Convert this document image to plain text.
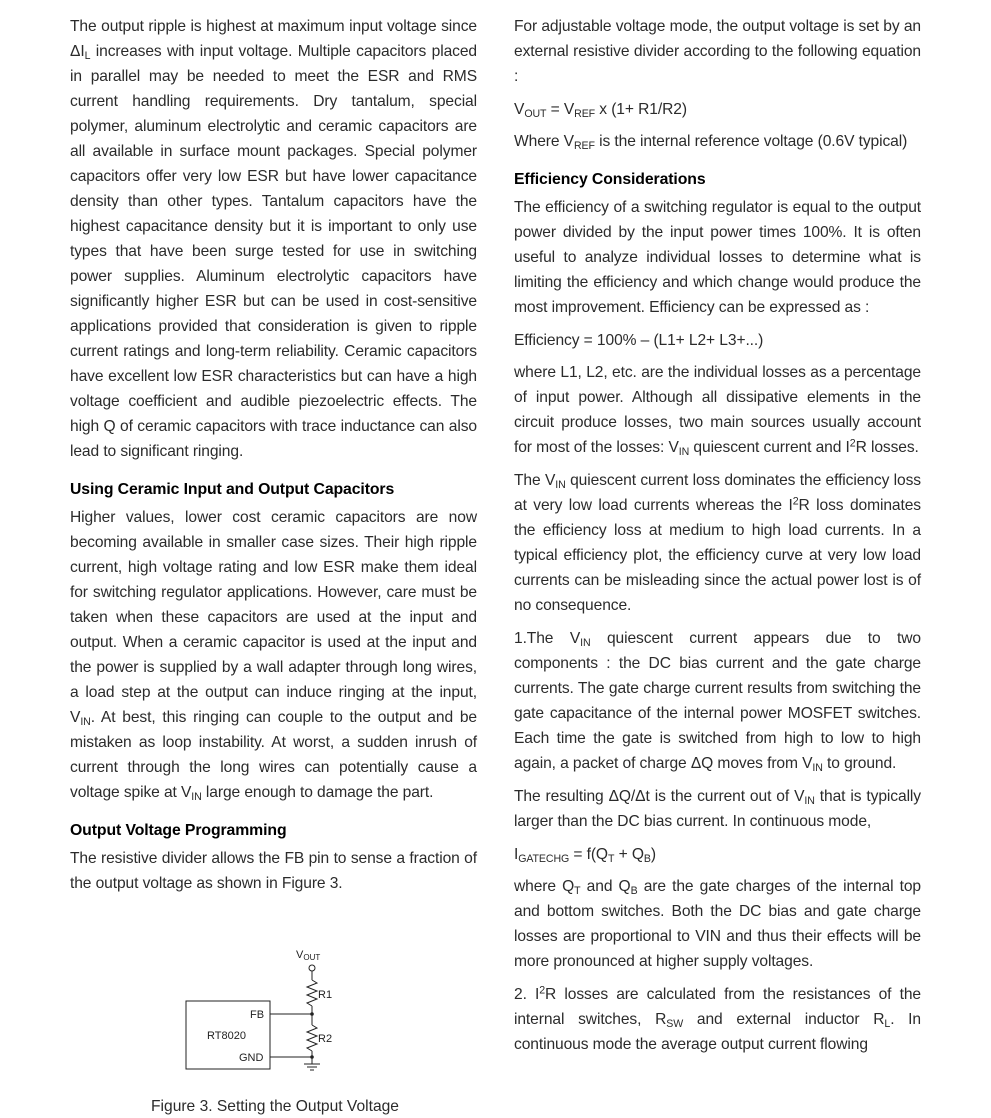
The output ripple is highest at maximum input voltage since $\Delta I_L$ increases with input voltage. Multiple capacitors placed in parallel may be needed to meet the ESR and RMS current handling requirements. Dry tantalum, special polymer, aluminum electrolytic and ceramic capacitors are all available in surface mount packages. Special polymer capacitors offer very low ESR but have lower capacitance density than other types. Tantalum capacitors have the highest capacitance density but it is important to only use types that have been surge tested for use in switching power supplies. Aluminum electrolytic capacitors have significantly higher ESR but can be used in cost-sensitive applications provided that consideration is given to ripple current ratings and long-term reliability. Ceramic capacitors have excellent low ESR characteristics but can have a high voltage coefficient and audible piezoelectric effects. The high Q of ceramic capacitors with trace inductance can also lead to significant ringing.

Using Ceramic Input and Output Capacitors

Higher values, lower cost ceramic capacitors are now becoming available in smaller case sizes. Their high ripple current, high voltage rating and low ESR make them ideal for switching regulator applications. However, care must be taken when these capacitors are used at the input and output. When a ceramic capacitor is used at the input and the power is supplied by a wall adapter through long wires, a load step at the output can induce ringing at the input, $V_{IN}$. At best, this ringing can couple to the output and be mistaken as loop instability. At worst, a sudden inrush of current through the long wires can potentially cause a voltage spike at $V_{IN}$ large enough to damage the part.

Output Voltage Programming

The resistive divider allows the FB pin to sense a fraction of the output voltage as shown in Figure 3.

VOUT
R1
R2
FB
RT8020
GND
Figure 3. Setting the Output Voltage

For adjustable voltage mode, the output voltage is set by an external resistive divider according to the following equation :

$V_{OUT} = V_{REF}$ x (1+ R1/R2)

Where $V_{REF}$ is the internal reference voltage (0.6V typical)

Efficiency Considerations

The efficiency of a switching regulator is equal to the output power divided by the input power times 100%. It is often useful to analyze individual losses to determine what is limiting the efficiency and which change would produce the most improvement. Efficiency can be expressed as :

Efficiency = 100% – (L1+ L2+ L3+...)

where L1, L2, etc. are the individual losses as a percentage of input power. Although all dissipative elements in the circuit produce losses, two main sources usually account for most of the losses: $V_{IN}$ quiescent current and $I^2R$ losses.

The $V_{IN}$ quiescent current loss dominates the efficiency loss at very low load currents whereas the $I^2R$ loss dominates the efficiency loss at medium to high load currents. In a typical efficiency plot, the efficiency curve at very low load currents can be misleading since the actual power lost is of no consequence.

1.The $V_{IN}$ quiescent current appears due to two components : the DC bias current and the gate charge currents. The gate charge current results from switching the gate capacitance of the internal power MOSFET switches. Each time the gate is switched from high to low to high again, a packet of charge ΔQ moves from $V_{IN}$ to ground.

The resulting ΔQ/Δt is the current out of $V_{IN}$ that is typically larger than the DC bias current. In continuous mode,

$I_{GATECHG} = f(Q_T + Q_B)$

where $Q_T$ and $Q_B$ are the gate charges of the internal top and bottom switches. Both the DC bias and gate charge losses are proportional to VIN and thus their effects will be more pronounced at higher supply voltages.

2. $I^2R$ losses are calculated from the resistances of the internal switches, $R_{SW}$ and external inductor $R_L$. In continuous mode the average output current flowing
